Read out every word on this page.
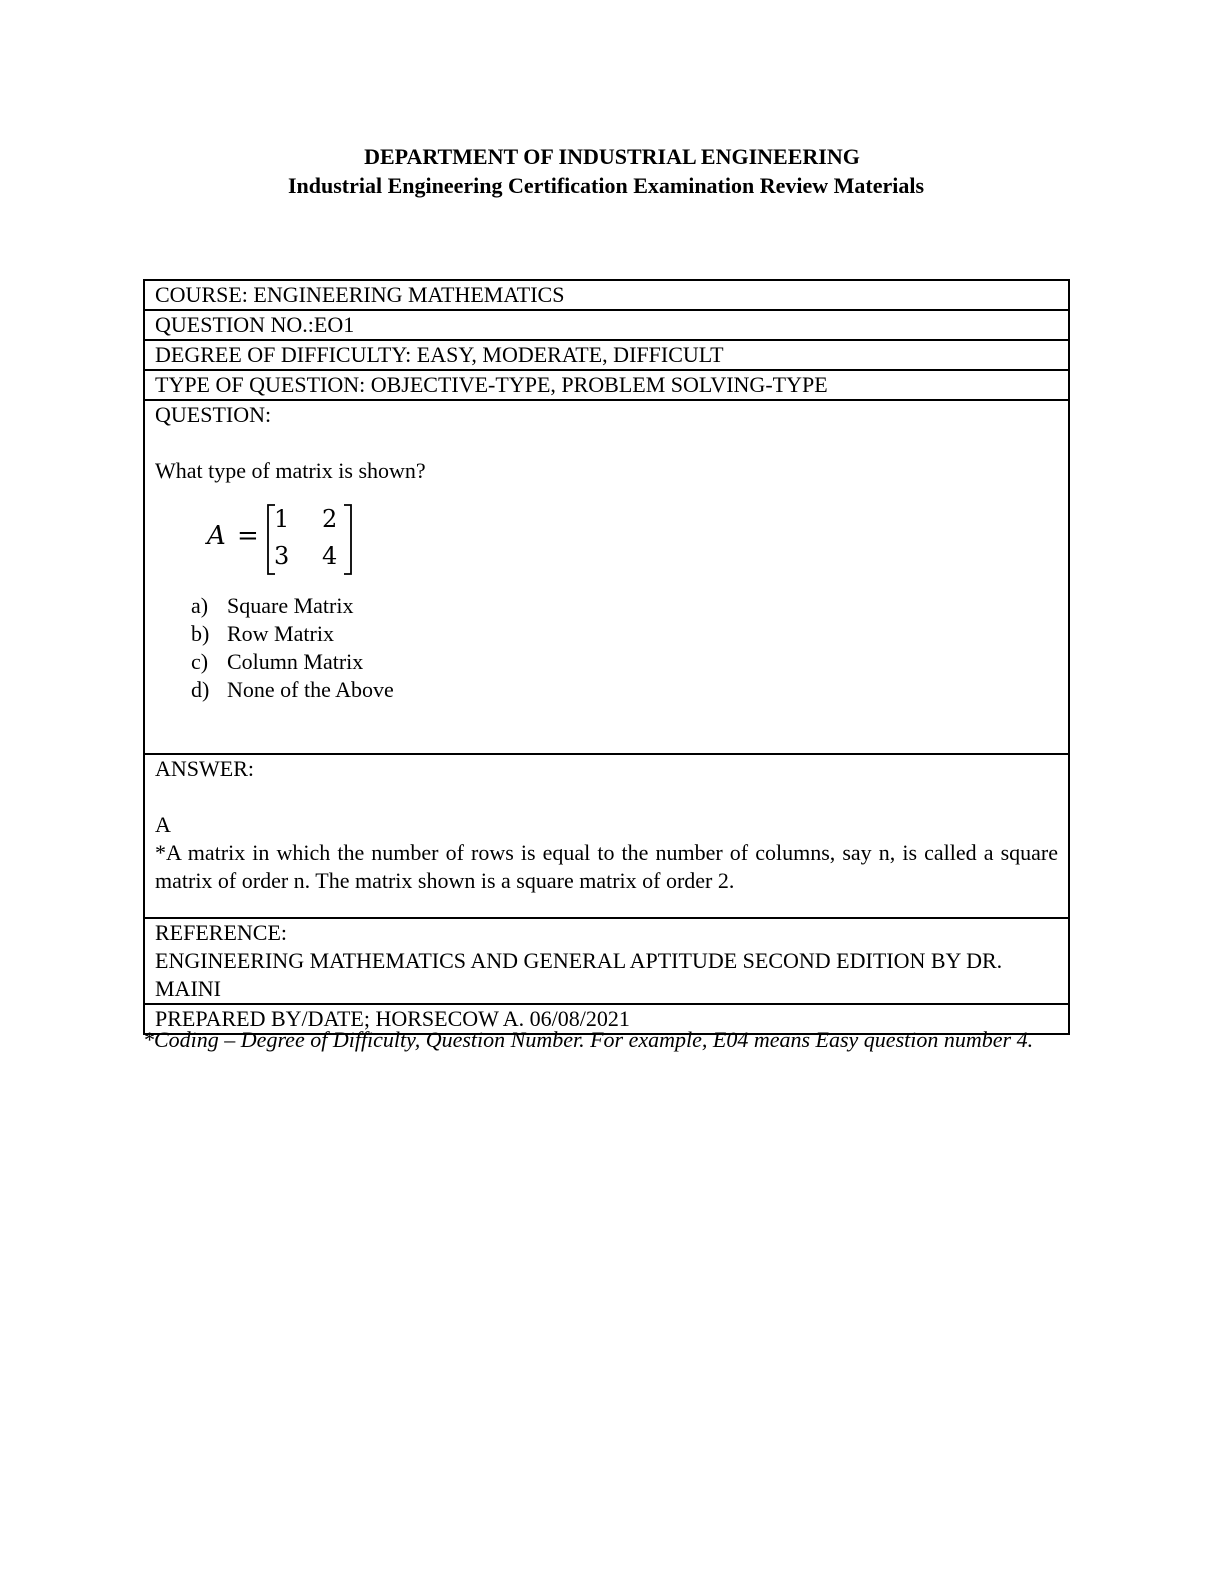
DEPARTMENT OF INDUSTRIAL ENGINEERING
Industrial Engineering Certification Examination Review Materials
COURSE: ENGINEERING MATHEMATICS
QUESTION NO.:EO1
DEGREE OF DIFFICULTY: EASY, MODERATE, DIFFICULT
TYPE OF QUESTION: OBJECTIVE-TYPE, PROBLEM SOLVING-TYPE

QUESTION:
What type of matrix is shown?
A =
1 2
3 4
a) Square Matrix
b) Row Matrix
c) Column Matrix
d) None of the Above

ANSWER:
A
*A matrix in which the number of rows is equal to the number of columns, say n, is called a square matrix of order n. The matrix shown is a square matrix of order 2.

REFERENCE:
ENGINEERING MATHEMATICS AND GENERAL APTITUDE SECOND EDITION BY DR. MAINI

PREPARED BY/DATE; HORSECOW A. 06/08/2021
*Coding – Degree of Difficulty, Question Number. For example, E04 means Easy question number 4.
